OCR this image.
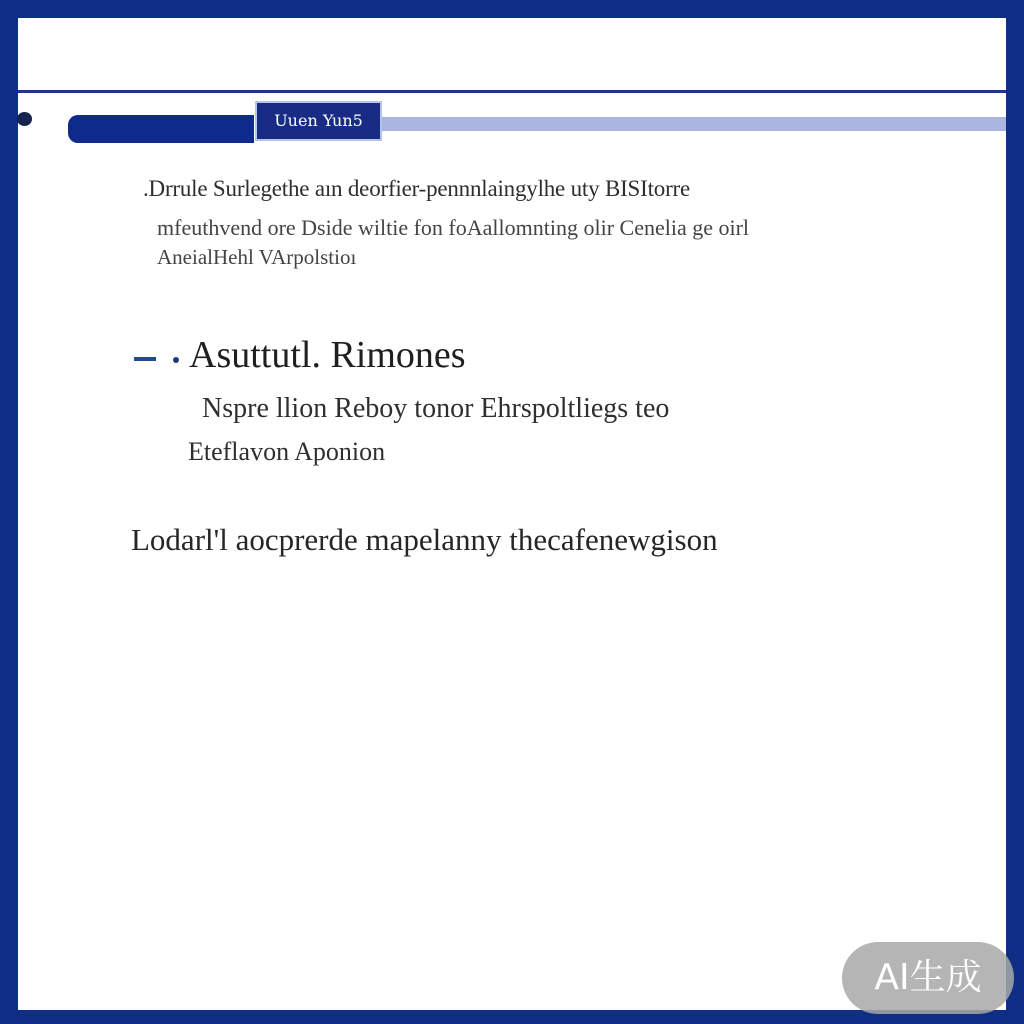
Uuen Yun5
.Drrule Surlegethe aın deorfier-pennnlaingylhe uty BISItorre
mfeuthvend ore Dside wiltie fon foAallomnting olir Cenelia ge oirl
AneialHehl VArpolstioı
Asuttutl. Rimones
Nspre llion Reboy tonor Ehrspoltliegs teo
Eteflavon Aponion
Lodarl'l aocprerde mapelanny thecafenewgison
AI生成
